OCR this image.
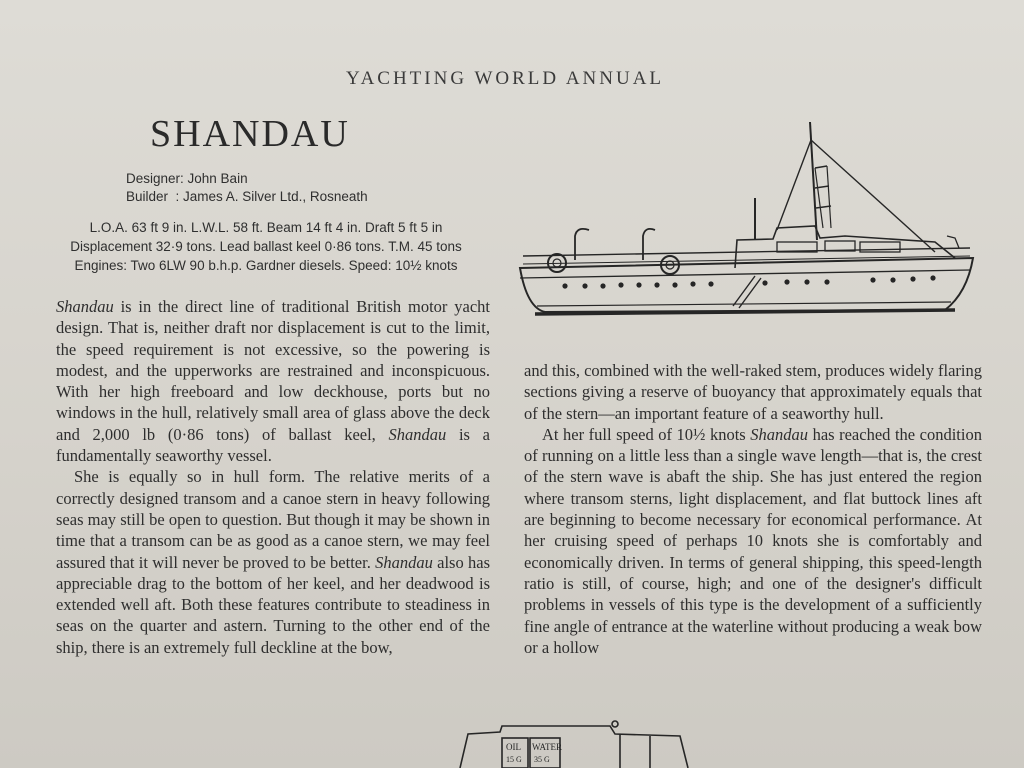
YACHTING WORLD ANNUAL
SHANDAU
Designer: John Bain
Builder  : James A. Silver Ltd., Rosneath
L.O.A. 63 ft 9 in. L.W.L. 58 ft. Beam 14 ft 4 in. Draft 5 ft 5 in
Displacement 32·9 tons. Lead ballast keel 0·86 tons. T.M. 45 tons
Engines: Two 6LW 90 b.h.p. Gardner diesels. Speed: 10½ knots

Shandau is in the direct line of traditional British motor yacht design. That is, neither draft nor displacement is cut to the limit, the speed requirement is not excessive, so the powering is modest, and the upperworks are restrained and inconspicuous. With her high freeboard and low deckhouse, ports but no windows in the hull, relatively small area of glass above the deck and 2,000 lb (0·86 tons) of ballast keel, Shandau is a fundamentally seaworthy vessel.

She is equally so in hull form. The relative merits of a correctly designed transom and a canoe stern in heavy following seas may still be open to question. But though it may be shown in time that a transom can be as good as a canoe stern, we may feel assured that it will never be proved to be better. Shandau also has appreciable drag to the bottom of her keel, and her deadwood is extended well aft. Both these features contribute to steadiness in seas on the quarter and astern. Turning to the other end of the ship, there is an extremely full deckline at the bow,

and this, combined with the well-raked stem, produces widely flaring sections giving a reserve of buoyancy that approximately equals that of the stern—an important feature of a seaworthy hull.

At her full speed of 10½ knots Shandau has reached the condition of running on a little less than a single wave length—that is, the crest of the stern wave is abaft the ship. She has just entered the region where transom sterns, light displacement, and flat buttock lines aft are beginning to become necessary for economical performance. At her cruising speed of perhaps 10 knots she is comfortably and economically driven. In terms of general shipping, this speed-length ratio is still, of course, high; and one of the designer's difficult problems in vessels of this type is the development of a sufficiently fine angle of entrance at the waterline without producing a weak bow or a hollow

OIL WATER
15 G 35 G
